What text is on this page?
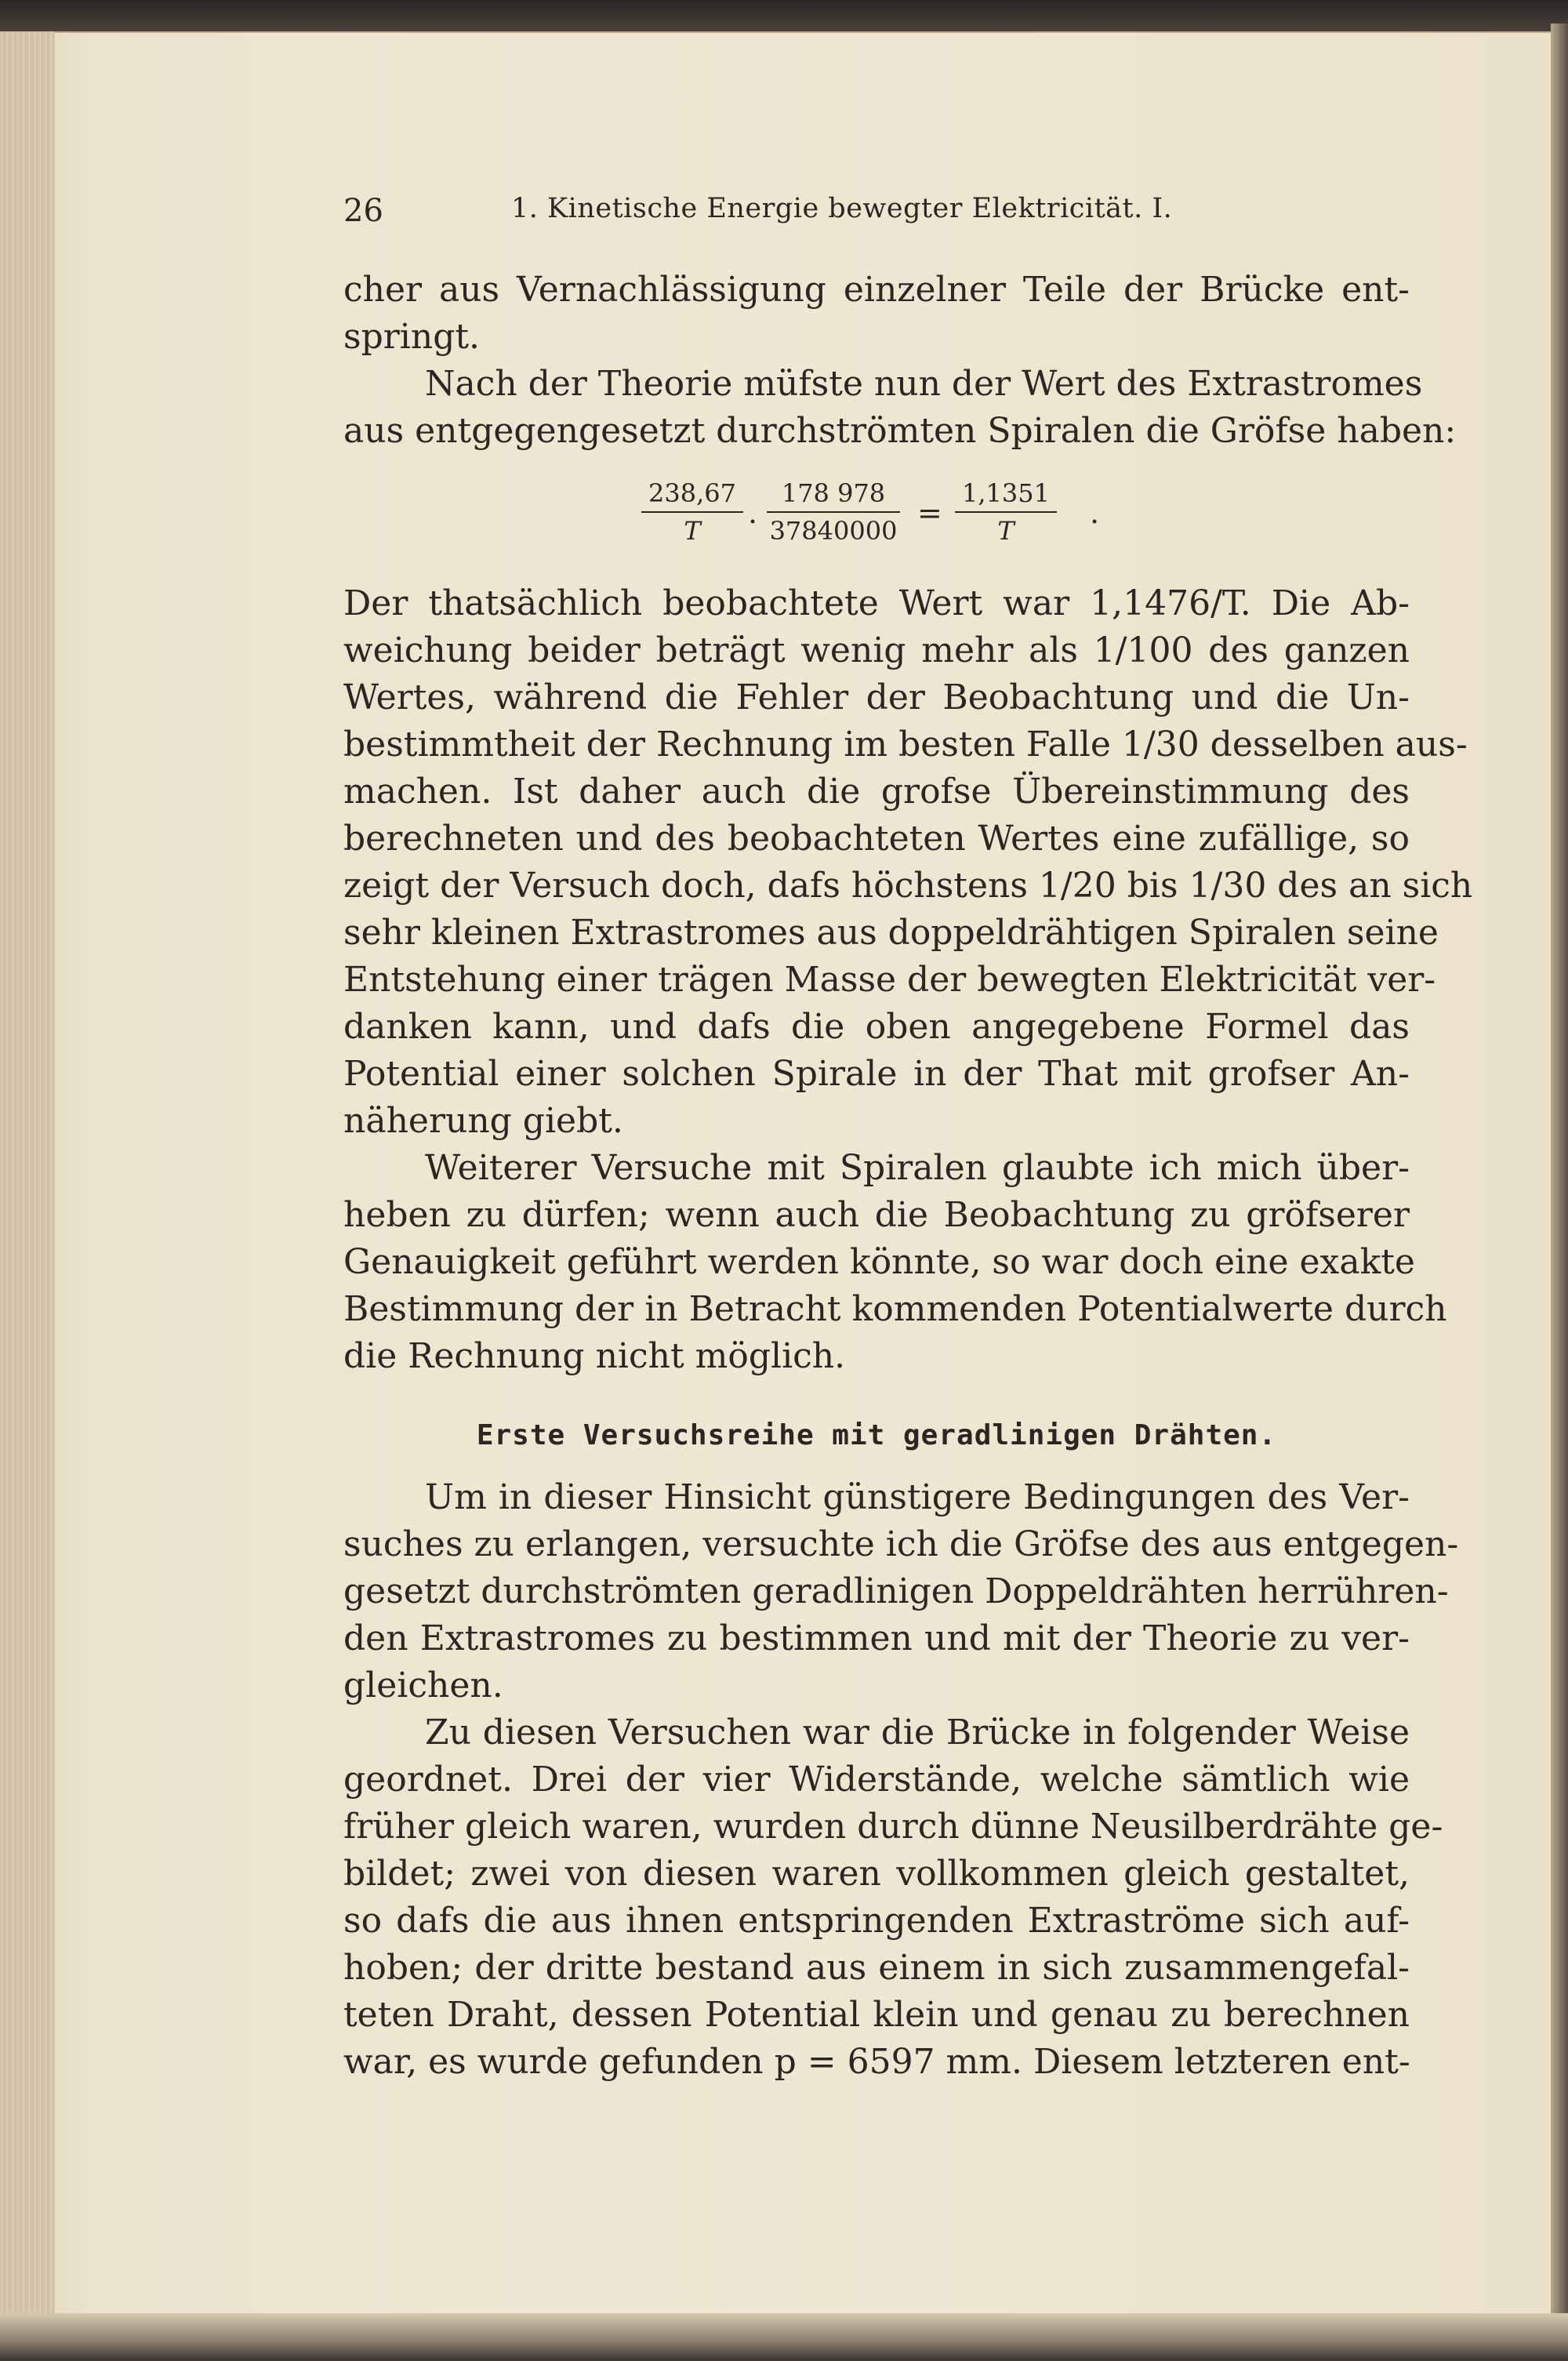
26	1. Kinetische Energie bewegter Elektricität. I.
cher aus Vernachlässigung einzelner Teile der Brücke ent-
springt.
Nach der Theorie müfste nun der Wert des Extrastromes
aus entgegengesetzt durchströmten Spiralen die Gröfse haben:
$\frac{238,67}{T}$ . $\frac{178 978}{37840000} = \frac{1,1351}{T}$ .
Der thatsächlich beobachtete Wert war 1,1476/T. Die Ab-
weichung beider beträgt wenig mehr als 1/100 des ganzen
Wertes, während die Fehler der Beobachtung und die Un-
bestimmtheit der Rechnung im besten Falle 1/30 desselben aus-
machen. Ist daher auch die grofse Übereinstimmung des
berechneten und des beobachteten Wertes eine zufällige, so
zeigt der Versuch doch, dafs höchstens 1/20 bis 1/30 des an sich
sehr kleinen Extrastromes aus doppeldrähtigen Spiralen seine
Entstehung einer trägen Masse der bewegten Elektricität ver-
danken kann, und dafs die oben angegebene Formel das
Potential einer solchen Spirale in der That mit grofser An-
näherung giebt.
Weiterer Versuche mit Spiralen glaubte ich mich über-
heben zu dürfen; wenn auch die Beobachtung zu gröfserer
Genauigkeit geführt werden könnte, so war doch eine exakte
Bestimmung der in Betracht kommenden Potentialwerte durch
die Rechnung nicht möglich.
Erste Versuchsreihe mit geradlinigen Drähten.
Um in dieser Hinsicht günstigere Bedingungen des Ver-
suches zu erlangen, versuchte ich die Gröfse des aus entgegen-
gesetzt durchströmten geradlinigen Doppeldrähten herrühren-
den Extrastromes zu bestimmen und mit der Theorie zu ver-
gleichen.
Zu diesen Versuchen war die Brücke in folgender Weise
geordnet. Drei der vier Widerstände, welche sämtlich wie
früher gleich waren, wurden durch dünne Neusilberdrähte ge-
bildet; zwei von diesen waren vollkommen gleich gestaltet,
so dafs die aus ihnen entspringenden Extraströme sich auf-
hoben; der dritte bestand aus einem in sich zusammengefal-
teten Draht, dessen Potential klein und genau zu berechnen
war, es wurde gefunden p = 6597 mm. Diesem letzteren ent-
